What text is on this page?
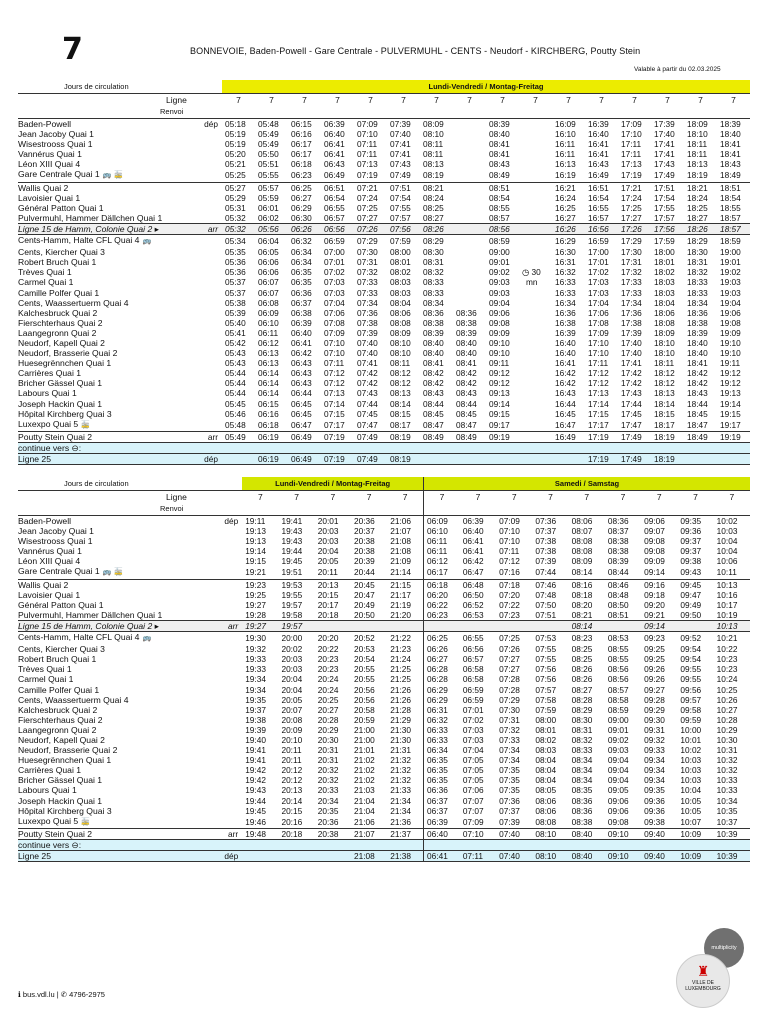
7	BONNEVOIE, Baden-Powell - Gare Centrale - PULVERMUHL - CENTS - Neudorf - KIRCHBERG, Poutty Stein
Valable à partir du 02.03.2025
Jours de circulation		Lundi-Vendredi / Montag-Freitag															
Ligne		7	7	7	7	7	7	7	7	7	7	7	7	7	7	7	7
Renvoi																	
Baden-Powell	dép	05:18	05:48	06:15	06:39	07:09	07:39	08:09		08:39		16:09	16:39	17:09	17:39	18:09	18:39
Jean Jacoby Quai 1		05:19	05:49	06:16	06:40	07:10	07:40	08:10		08:40		16:10	16:40	17:10	17:40	18:10	18:40
Wisestrooss Quai 1		05:19	05:49	06:17	06:41	07:11	07:41	08:11		08:41		16:11	16:41	17:11	17:41	18:11	18:41
Vannérus Quai 1		05:20	05:50	06:17	06:41	07:11	07:41	08:11		08:41		16:11	16:41	17:11	17:41	18:11	18:41
Léon XIII Quai 4		05:21	05:51	06:18	06:43	07:13	07:43	08:13		08:43		16:13	16:43	17:13	17:43	18:13	18:43
Gare Centrale Quai 1 🚌 🚋		05:25	05:55	06:23	06:49	07:19	07:49	08:19		08:49		16:19	16:49	17:19	17:49	18:19	18:49
Wallis Quai 2		05:27	05:57	06:25	06:51	07:21	07:51	08:21		08:51		16:21	16:51	17:21	17:51	18:21	18:51
Lavoisier Quai 1		05:29	05:59	06:27	06:54	07:24	07:54	08:24		08:54		16:24	16:54	17:24	17:54	18:24	18:54
Général Patton Quai 1		05:31	06:01	06:29	06:55	07:25	07:55	08:25		08:55		16:25	16:55	17:25	17:55	18:25	18:55
Pulvermuhl, Hammer Dällchen Quai 1		05:32	06:02	06:30	06:57	07:27	07:57	08:27		08:57		16:27	16:57	17:27	17:57	18:27	18:57
Ligne 15 de Hamm, Colonie Quai 2 ▸	arr	05:32	05:56	06:26	06:56	07:26	07:56	08:26		08:56		16:26	16:56	17:26	17:56	18:26	18:57
Cents-Hamm, Halte CFL Quai 4 🚌		05:34	06:04	06:32	06:59	07:29	07:59	08:29		08:59		16:29	16:59	17:29	17:59	18:29	18:59
Cents, Kiercher Quai 3		05:35	06:05	06:34	07:00	07:30	08:00	08:30		09:00		16:30	17:00	17:30	18:00	18:30	19:00
Robert Bruch Quai 1		05:36	06:06	06:34	07:01	07:31	08:01	08:31		09:01		16:31	17:01	17:31	18:01	18:31	19:01
Trèves Quai 1		05:36	06:06	06:35	07:02	07:32	08:02	08:32		09:02	◷ 30	16:32	17:02	17:32	18:02	18:32	19:02
Carmel Quai 1		05:37	06:07	06:35	07:03	07:33	08:03	08:33		09:03	mn	16:33	17:03	17:33	18:03	18:33	19:03
Camille Polfer Quai 1		05:37	06:07	06:36	07:03	07:33	08:03	08:33		09:03		16:33	17:03	17:33	18:03	18:33	19:03
Cents, Waassertuerm Quai 4		05:38	06:08	06:37	07:04	07:34	08:04	08:34		09:04		16:34	17:04	17:34	18:04	18:34	19:04
Kalchesbruck Quai 2		05:39	06:09	06:38	07:06	07:36	08:06	08:36	08:36	09:06		16:36	17:06	17:36	18:06	18:36	19:06
Fierschterhaus Quai 2		05:40	06:10	06:39	07:08	07:38	08:08	08:38	08:38	09:08		16:38	17:08	17:38	18:08	18:38	19:08
Laangegronn Quai 2		05:41	06:11	06:40	07:09	07:39	08:09	08:39	08:39	09:09		16:39	17:09	17:39	18:09	18:39	19:09
Neudorf, Kapell Quai 2		05:42	06:12	06:41	07:10	07:40	08:10	08:40	08:40	09:10		16:40	17:10	17:40	18:10	18:40	19:10
Neudorf, Brasserie Quai 2		05:43	06:13	06:42	07:10	07:40	08:10	08:40	08:40	09:10		16:40	17:10	17:40	18:10	18:40	19:10
Huesegrënnchen Quai 1		05:43	06:13	06:43	07:11	07:41	08:11	08:41	08:41	09:11		16:41	17:11	17:41	18:11	18:41	19:11
Carrières Quai 1		05:44	06:14	06:43	07:12	07:42	08:12	08:42	08:42	09:12		16:42	17:12	17:42	18:12	18:42	19:12
Bricher Gässel Quai 1		05:44	06:14	06:43	07:12	07:42	08:12	08:42	08:42	09:12		16:42	17:12	17:42	18:12	18:42	19:12
Labours Quai 1		05:44	06:14	06:44	07:13	07:43	08:13	08:43	08:43	09:13		16:43	17:13	17:43	18:13	18:43	19:13
Joseph Hackin Quai 1		05:45	06:15	06:45	07:14	07:44	08:14	08:44	08:44	09:14		16:44	17:14	17:44	18:14	18:44	19:14
Hôpital Kirchberg Quai 3		05:46	06:16	06:45	07:15	07:45	08:15	08:45	08:45	09:15		16:45	17:15	17:45	18:15	18:45	19:15
Luxexpo Quai 5 🚋		05:48	06:18	06:47	07:17	07:47	08:17	08:47	08:47	09:17		16:47	17:17	17:47	18:17	18:47	19:17
Poutty Stein Quai 2	arr	05:49	06:19	06:49	07:19	07:49	08:19	08:49	08:49	09:19		16:49	17:19	17:49	18:19	18:49	19:19
continue vers ⊖:																	
Ligne 25	dép		06:19	06:49	07:19	07:49	08:19						17:19	17:49	18:19		
Jours de circulation		Lundi-Vendredi / Montag-Freitag					Samedi / Samstag								
Ligne		7	7	7	7	7	7	7	7	7	7	7	7	7	7
Renvoi															
Baden-Powell	dép	19:11	19:41	20:01	20:36	21:06	06:09	06:39	07:09	07:36	08:06	08:36	09:06	09:35	10:02
Jean Jacoby Quai 1		19:13	19:43	20:03	20:37	21:07	06:10	06:40	07:10	07:37	08:07	08:37	09:07	09:36	10:03
Wisestrooss Quai 1		19:13	19:43	20:03	20:38	21:08	06:11	06:41	07:10	07:38	08:08	08:38	09:08	09:37	10:04
Vannérus Quai 1		19:14	19:44	20:04	20:38	21:08	06:11	06:41	07:11	07:38	08:08	08:38	09:08	09:37	10:04
Léon XIII Quai 4		19:15	19:45	20:05	20:39	21:09	06:12	06:42	07:12	07:39	08:09	08:39	09:09	09:38	10:06
Gare Centrale Quai 1 🚌 🚋		19:21	19:51	20:11	20:44	21:14	06:17	06:47	07:16	07:44	08:14	08:44	09:14	09:43	10:11
Wallis Quai 2		19:23	19:53	20:13	20:45	21:15	06:18	06:48	07:18	07:46	08:16	08:46	09:16	09:45	10:13
Lavoisier Quai 1		19:25	19:55	20:15	20:47	21:17	06:20	06:50	07:20	07:48	08:18	08:48	09:18	09:47	10:16
Général Patton Quai 1		19:27	19:57	20:17	20:49	21:19	06:22	06:52	07:22	07:50	08:20	08:50	09:20	09:49	10:17
Pulvermuhl, Hammer Dällchen Quai 1		19:28	19:58	20:18	20:50	21:20	06:23	06:53	07:23	07:51	08:21	08:51	09:21	09:50	10:19
Ligne 15 de Hamm, Colonie Quai 2 ▸	arr	19:27	19:57								08:14		09:14		10:13
Cents-Hamm, Halte CFL Quai 4 🚌		19:30	20:00	20:20	20:52	21:22	06:25	06:55	07:25	07:53	08:23	08:53	09:23	09:52	10:21
Cents, Kiercher Quai 3		19:32	20:02	20:22	20:53	21:23	06:26	06:56	07:26	07:55	08:25	08:55	09:25	09:54	10:22
Robert Bruch Quai 1		19:33	20:03	20:23	20:54	21:24	06:27	06:57	07:27	07:55	08:25	08:55	09:25	09:54	10:23
Trèves Quai 1		19:33	20:03	20:23	20:55	21:25	06:28	06:58	07:27	07:56	08:26	08:56	09:26	09:55	10:23
Carmel Quai 1		19:34	20:04	20:24	20:55	21:25	06:28	06:58	07:28	07:56	08:26	08:56	09:26	09:55	10:24
Camille Polfer Quai 1		19:34	20:04	20:24	20:56	21:26	06:29	06:59	07:28	07:57	08:27	08:57	09:27	09:56	10:25
Cents, Waassertuerm Quai 4		19:35	20:05	20:25	20:56	21:26	06:29	06:59	07:29	07:58	08:28	08:58	09:28	09:57	10:26
Kalchesbruck Quai 2		19:37	20:07	20:27	20:58	21:28	06:31	07:01	07:30	07:59	08:29	08:59	09:29	09:58	10:27
Fierschterhaus Quai 2		19:38	20:08	20:28	20:59	21:29	06:32	07:02	07:31	08:00	08:30	09:00	09:30	09:59	10:28
Laangegronn Quai 2		19:39	20:09	20:29	21:00	21:30	06:33	07:03	07:32	08:01	08:31	09:01	09:31	10:00	10:29
Neudorf, Kapell Quai 2		19:40	20:10	20:30	21:00	21:30	06:33	07:03	07:33	08:02	08:32	09:02	09:32	10:01	10:30
Neudorf, Brasserie Quai 2		19:41	20:11	20:31	21:01	21:31	06:34	07:04	07:34	08:03	08:33	09:03	09:33	10:02	10:31
Huesegrënnchen Quai 1		19:41	20:11	20:31	21:02	21:32	06:35	07:05	07:34	08:04	08:34	09:04	09:34	10:03	10:32
Carrières Quai 1		19:42	20:12	20:32	21:02	21:32	06:35	07:05	07:35	08:04	08:34	09:04	09:34	10:03	10:32
Bricher Gässel Quai 1		19:42	20:12	20:32	21:02	21:32	06:35	07:05	07:35	08:04	08:34	09:04	09:34	10:03	10:33
Labours Quai 1		19:43	20:13	20:33	21:03	21:33	06:36	07:06	07:35	08:05	08:35	09:05	09:35	10:04	10:33
Joseph Hackin Quai 1		19:44	20:14	20:34	21:04	21:34	06:37	07:07	07:36	08:06	08:36	09:06	09:36	10:05	10:34
Hôpital Kirchberg Quai 3		19:45	20:15	20:35	21:04	21:34	06:37	07:07	07:37	08:06	08:36	09:06	09:36	10:05	10:35
Luxexpo Quai 5 🚋		19:46	20:16	20:36	21:06	21:36	06:39	07:09	07:39	08:08	08:38	09:08	09:38	10:07	10:37
Poutty Stein Quai 2	arr	19:48	20:18	20:38	21:07	21:37	06:40	07:10	07:40	08:10	08:40	09:10	09:40	10:09	10:39
continue vers ⊖:															
Ligne 25	dép				21:08	21:38	06:41	07:11	07:40	08:10	08:40	09:10	09:40	10:09	10:39
ℹ bus.vdl.lu | ✆ 4796-2975
multiplicity
♜
VILLE DE LUXEMBOURG
